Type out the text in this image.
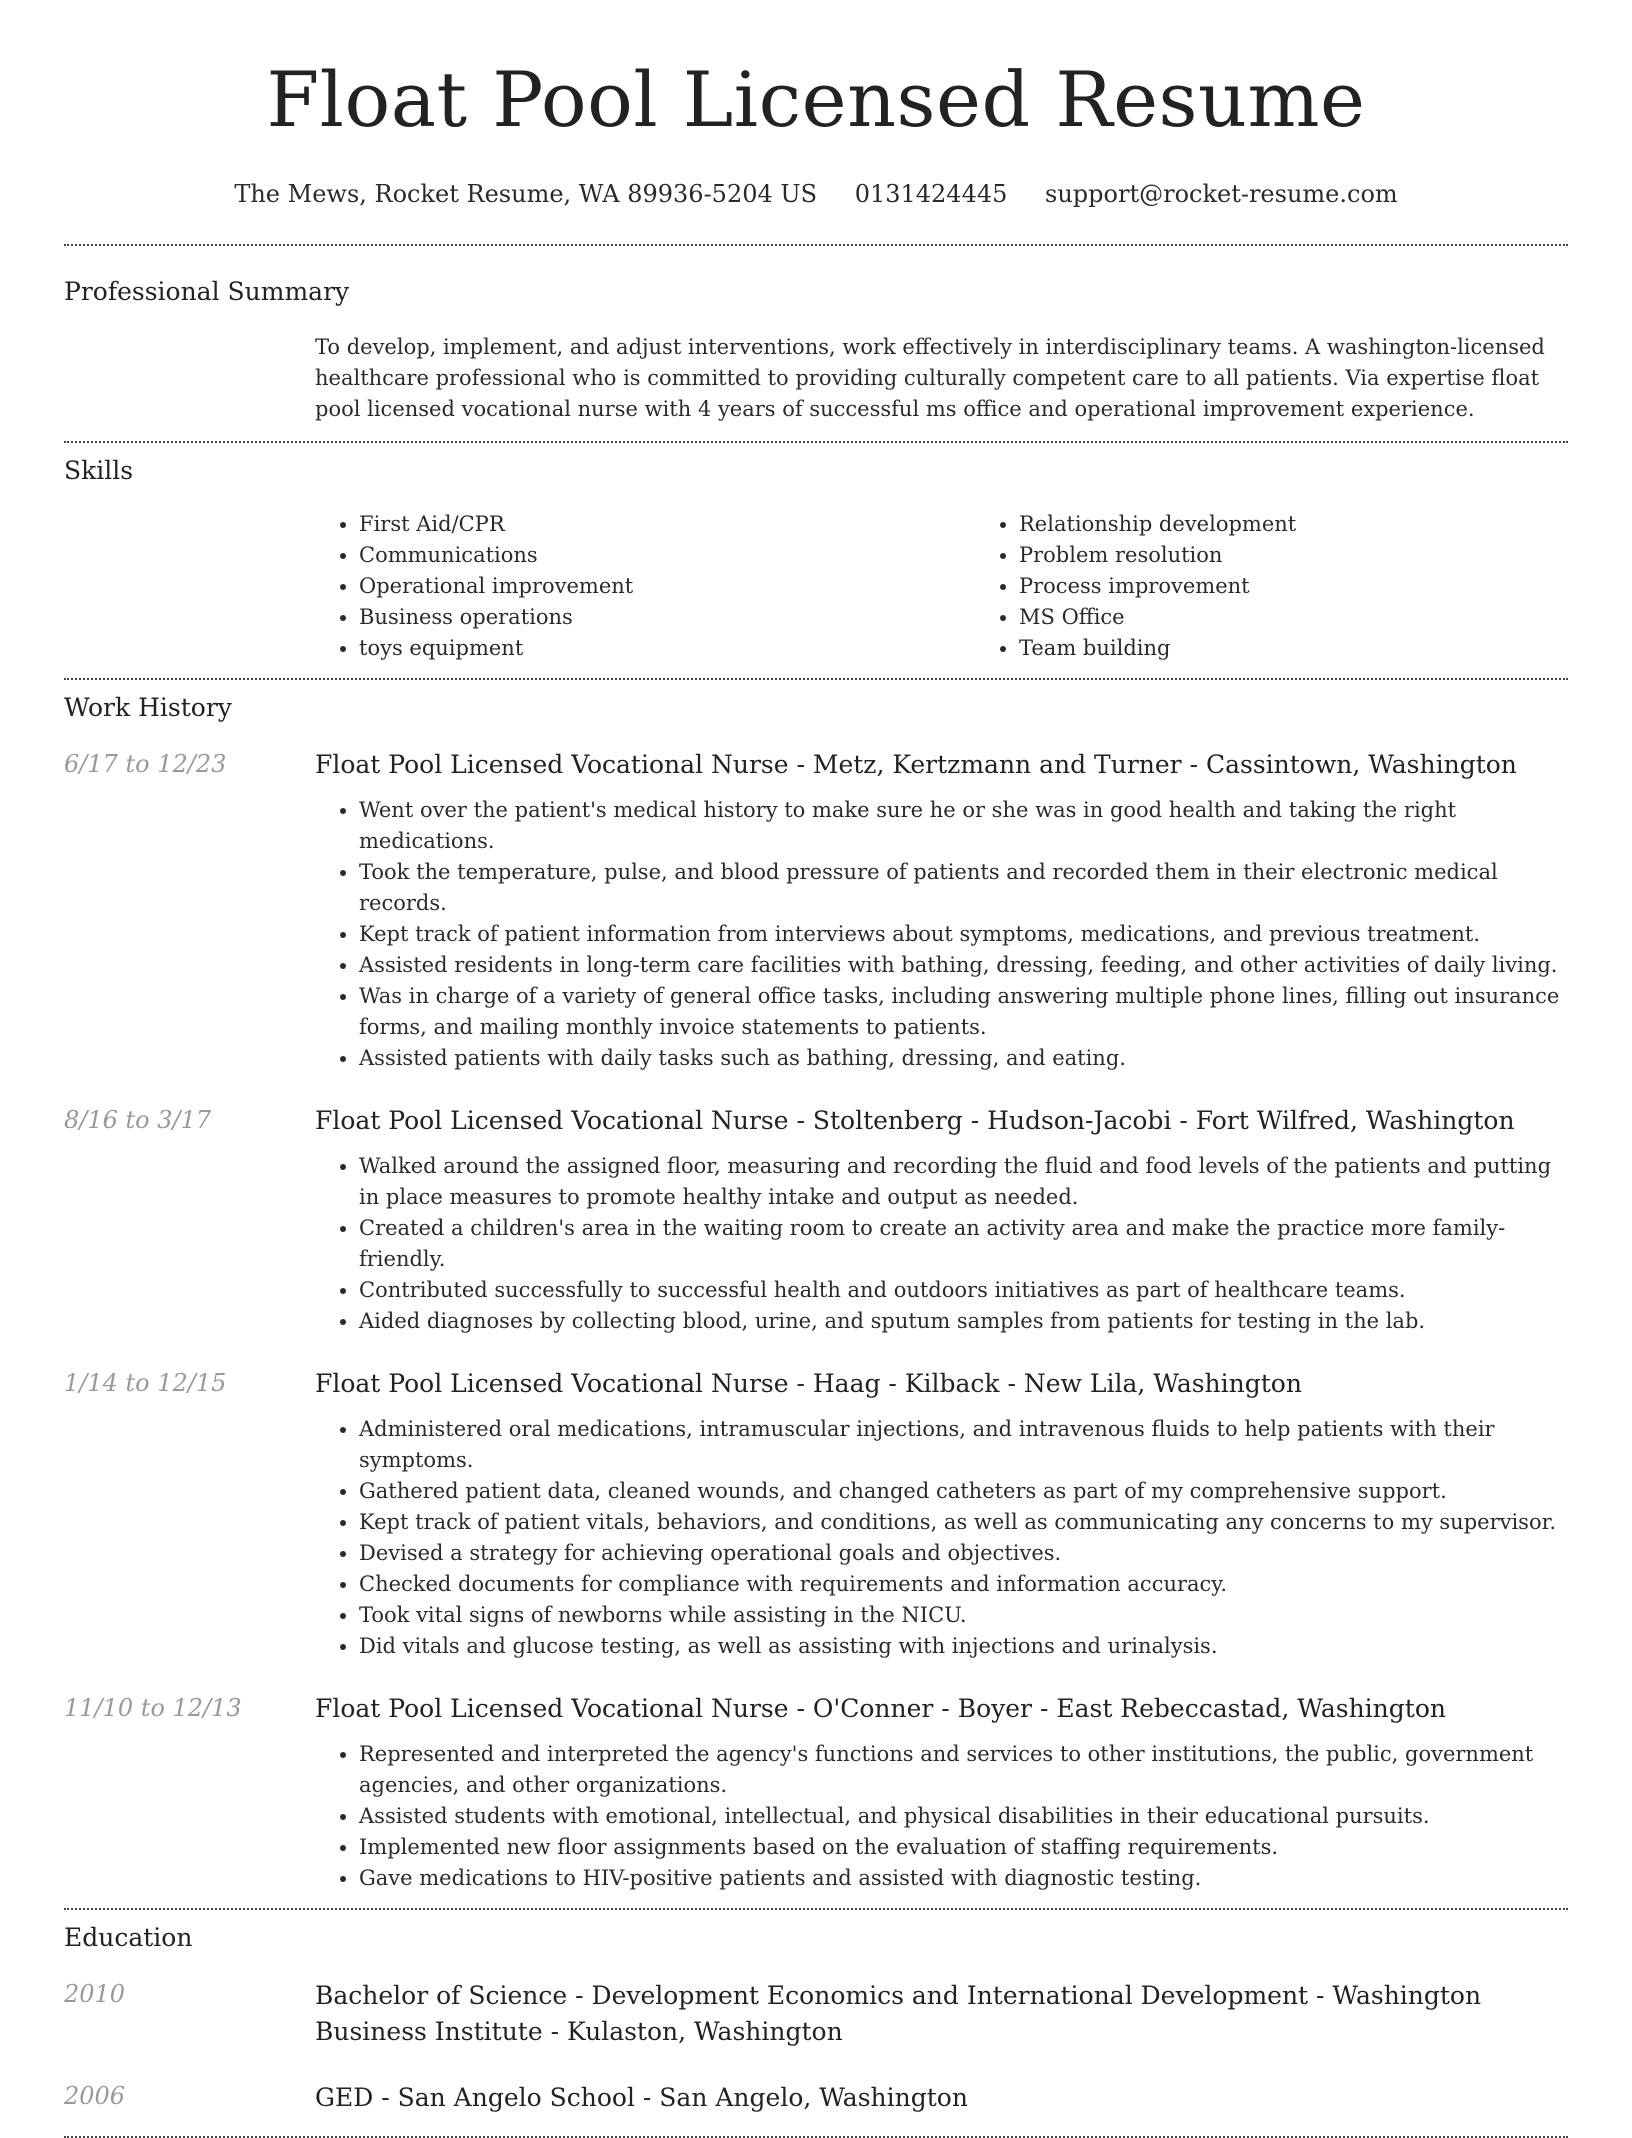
Float Pool Licensed Resume
The Mews, Rocket Resume, WA 89936-5204 US 0131424445 support@rocket-resume.com
Professional Summary

To develop, implement, and adjust interventions, work effectively in interdisciplinary teams. A washington-licensed healthcare professional who is committed to providing culturally competent care to all patients. Via expertise float pool licensed vocational nurse with 4 years of successful ms office and operational improvement experience.

Skills
• First Aid/CPR
• Communications
• Operational improvement
• Business operations
• toys equipment
• Relationship development
• Problem resolution
• Process improvement
• MS Office
• Team building
Work History
6/17 to 12/23	Float Pool Licensed Vocational Nurse - Metz, Kertzmann and Turner - Cassintown, Washington
• Went over the patient's medical history to make sure he or she was in good health and taking the right medications.
• Took the temperature, pulse, and blood pressure of patients and recorded them in their electronic medical records.
• Kept track of patient information from interviews about symptoms, medications, and previous treatment.
• Assisted residents in long-term care facilities with bathing, dressing, feeding, and other activities of daily living.
• Was in charge of a variety of general office tasks, including answering multiple phone lines, filling out insurance forms, and mailing monthly invoice statements to patients.
• Assisted patients with daily tasks such as bathing, dressing, and eating.
8/16 to 3/17	Float Pool Licensed Vocational Nurse - Stoltenberg - Hudson-Jacobi - Fort Wilfred, Washington
• Walked around the assigned floor, measuring and recording the fluid and food levels of the patients and putting in place measures to promote healthy intake and output as needed.
• Created a children's area in the waiting room to create an activity area and make the practice more family-friendly.
• Contributed successfully to successful health and outdoors initiatives as part of healthcare teams.
• Aided diagnoses by collecting blood, urine, and sputum samples from patients for testing in the lab.
1/14 to 12/15	Float Pool Licensed Vocational Nurse - Haag - Kilback - New Lila, Washington
• Administered oral medications, intramuscular injections, and intravenous fluids to help patients with their symptoms.
• Gathered patient data, cleaned wounds, and changed catheters as part of my comprehensive support.
• Kept track of patient vitals, behaviors, and conditions, as well as communicating any concerns to my supervisor.
• Devised a strategy for achieving operational goals and objectives.
• Checked documents for compliance with requirements and information accuracy.
• Took vital signs of newborns while assisting in the NICU.
• Did vitals and glucose testing, as well as assisting with injections and urinalysis.
11/10 to 12/13	Float Pool Licensed Vocational Nurse - O'Conner - Boyer - East Rebeccastad, Washington
• Represented and interpreted the agency's functions and services to other institutions, the public, government agencies, and other organizations.
• Assisted students with emotional, intellectual, and physical disabilities in their educational pursuits.
• Implemented new floor assignments based on the evaluation of staffing requirements.
• Gave medications to HIV-positive patients and assisted with diagnostic testing.
Education
2010	Bachelor of Science - Development Economics and International Development - Washington Business Institute - Kulaston, Washington
2006	GED - San Angelo School - San Angelo, Washington
